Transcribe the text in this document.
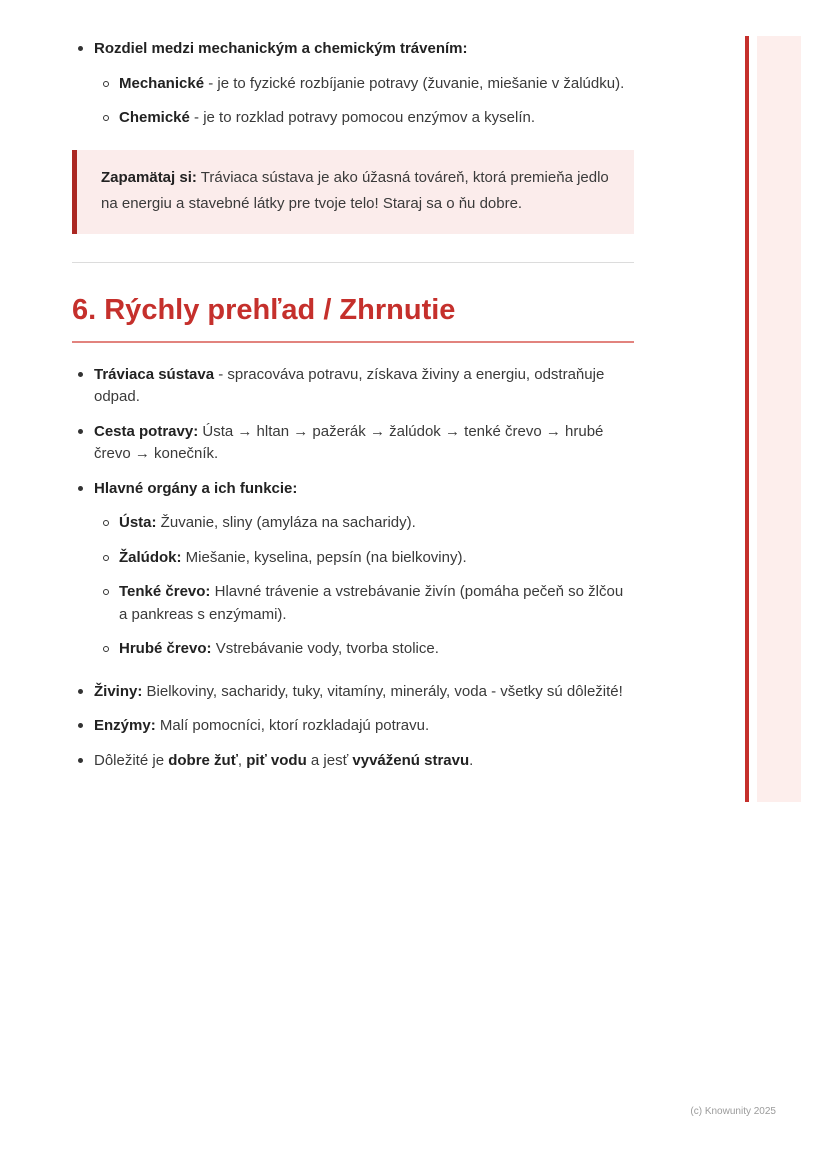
Rozdiel medzi mechanickým a chemickým trávením:

Mechanické - je to fyzické rozbíjanie potravy (žuvanie, miešanie v žalúdku).

Chemické - je to rozklad potravy pomocou enzýmov a kyselín.

Zapamätaj si: Tráviaca sústava je ako úžasná továreň, ktorá premieňa jedlo na energiu a stavebné látky pre tvoje telo! Staraj sa o ňu dobre.
6. Rýchly prehľad / Zhrnutie

Tráviaca sústava - spracováva potravu, získava živiny a energiu, odstraňuje odpad.

Cesta potravy: Ústa → hltan → pažerák → žalúdok → tenké črevo → hrubé črevo → konečník.

Hlavné orgány a ich funkcie:

Ústa: Žuvanie, sliny (amyláza na sacharidy).

Žalúdok: Miešanie, kyselina, pepsín (na bielkoviny).

Tenké črevo: Hlavné trávenie a vstrebávanie živín (pomáha pečeň so žlčou a pankreas s enzýmami).

Hrubé črevo: Vstrebávanie vody, tvorba stolice.

Živiny: Bielkoviny, sacharidy, tuky, vitamíny, minerály, voda - všetky sú dôležité!

Enzýmy: Malí pomocníci, ktorí rozkladajú potravu.

Dôležité je dobre žuť, piť vodu a jesť vyváženú stravu.

(c) Knowunity 2025
